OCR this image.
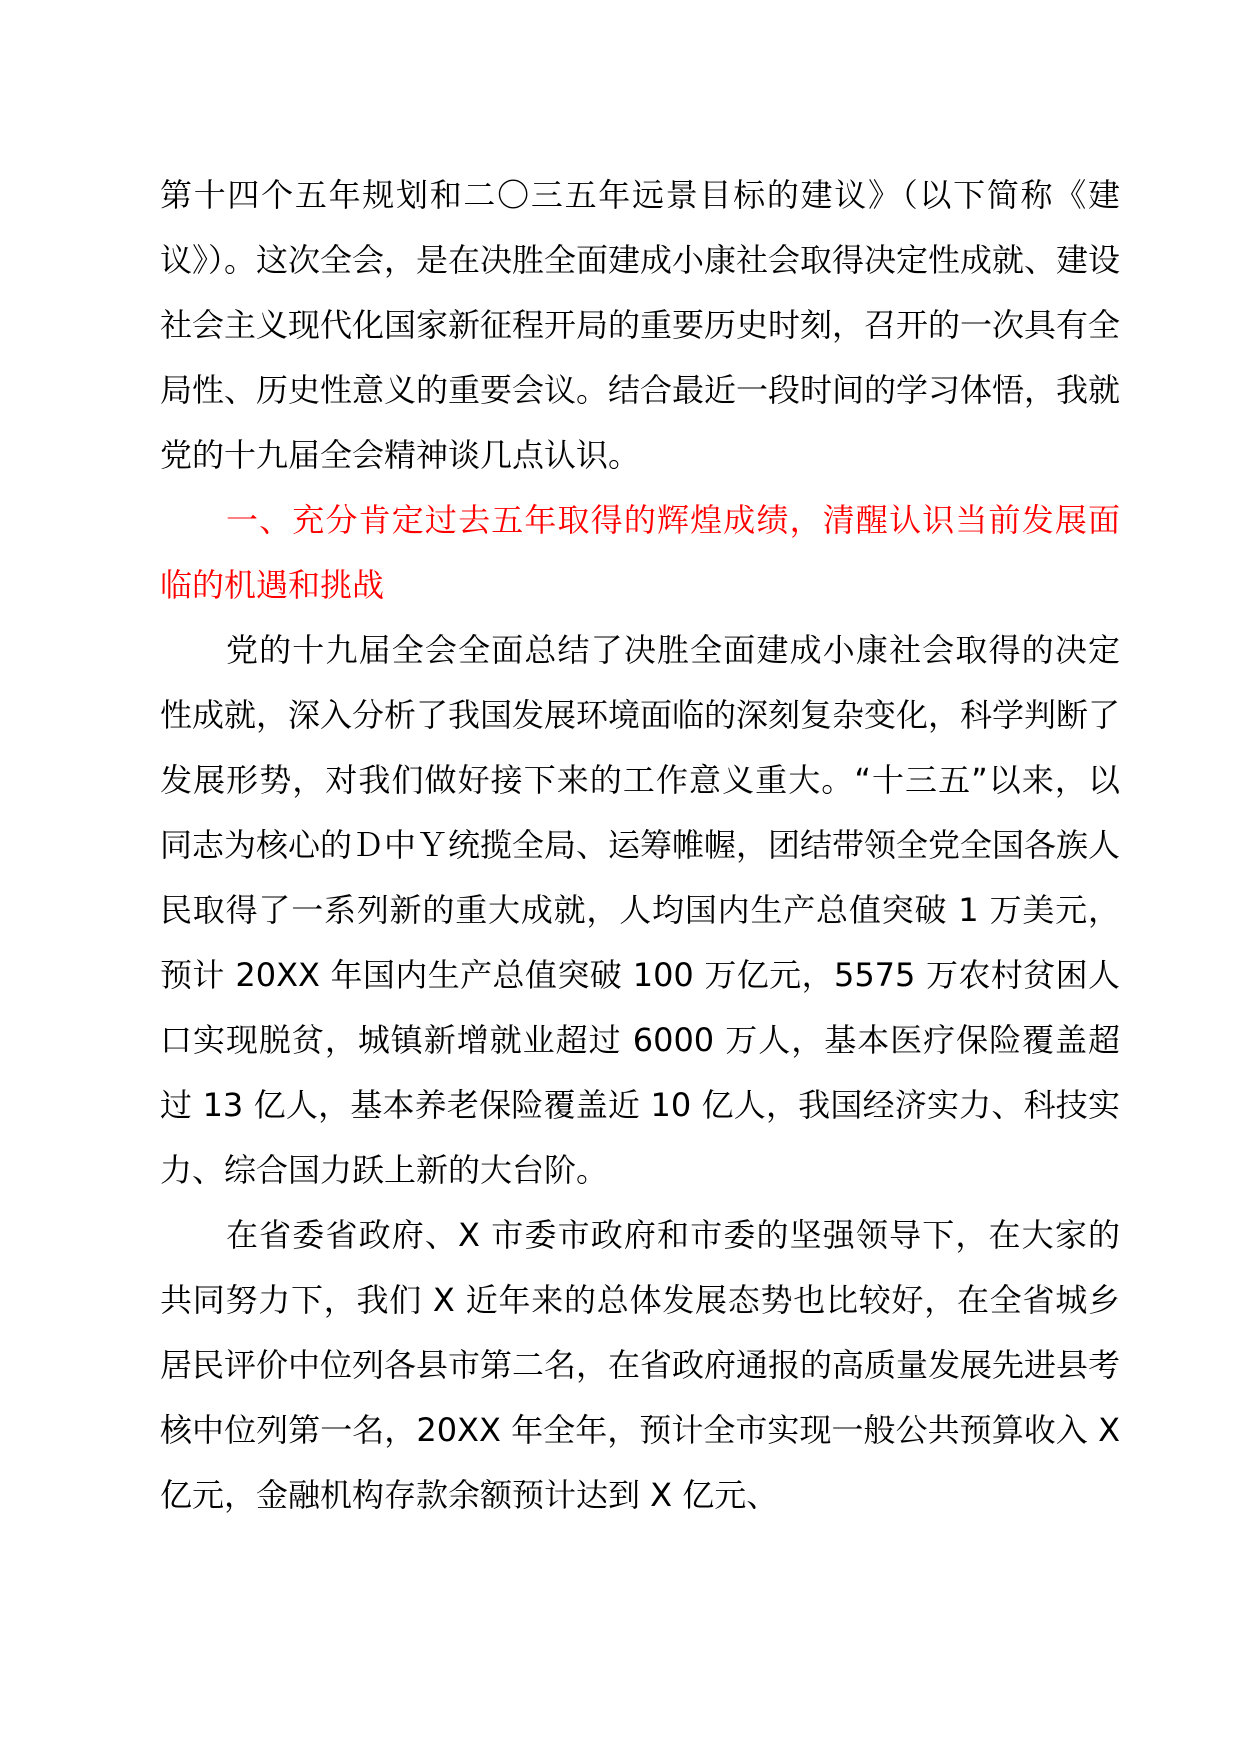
第十四个五年规划和二〇三五年远景目标的建议》（以下简称《建议》）。这次全会，是在决胜全面建成小康社会取得决定性成就、建设社会主义现代化国家新征程开局的重要历史时刻，召开的一次具有全局性、历史性意义的重要会议。结合最近一段时间的学习体悟，我就党的十九届全会精神谈几点认识。

一、充分肯定过去五年取得的辉煌成绩，清醒认识当前发展面临的机遇和挑战

党的十九届全会全面总结了决胜全面建成小康社会取得的决定性成就，深入分析了我国发展环境面临的深刻复杂变化，科学判断了发展形势，对我们做好接下来的工作意义重大。“十三五”以来，以同志为核心的Ｄ中Ｙ统揽全局、运筹帷幄，团结带领全党全国各族人民取得了一系列新的重大成就，人均国内生产总值突破 1 万美元，预计 20XX 年国内生产总值突破 100 万亿元，5575 万农村贫困人口实现脱贫，城镇新增就业超过 6000 万人，基本医疗保险覆盖超过 13 亿人，基本养老保险覆盖近 10 亿人，我国经济实力、科技实力、综合国力跃上新的大台阶。

在省委省政府、X 市委市政府和市委的坚强领导下，在大家的共同努力下，我们 X 近年来的总体发展态势也比较好，在全省城乡居民评价中位列各县市第二名，在省政府通报的高质量发展先进县考核中位列第一名，20XX 年全年，预计全市实现一般公共预算收入 X 亿元，金融机构存款余额预计达到 X 亿元、
